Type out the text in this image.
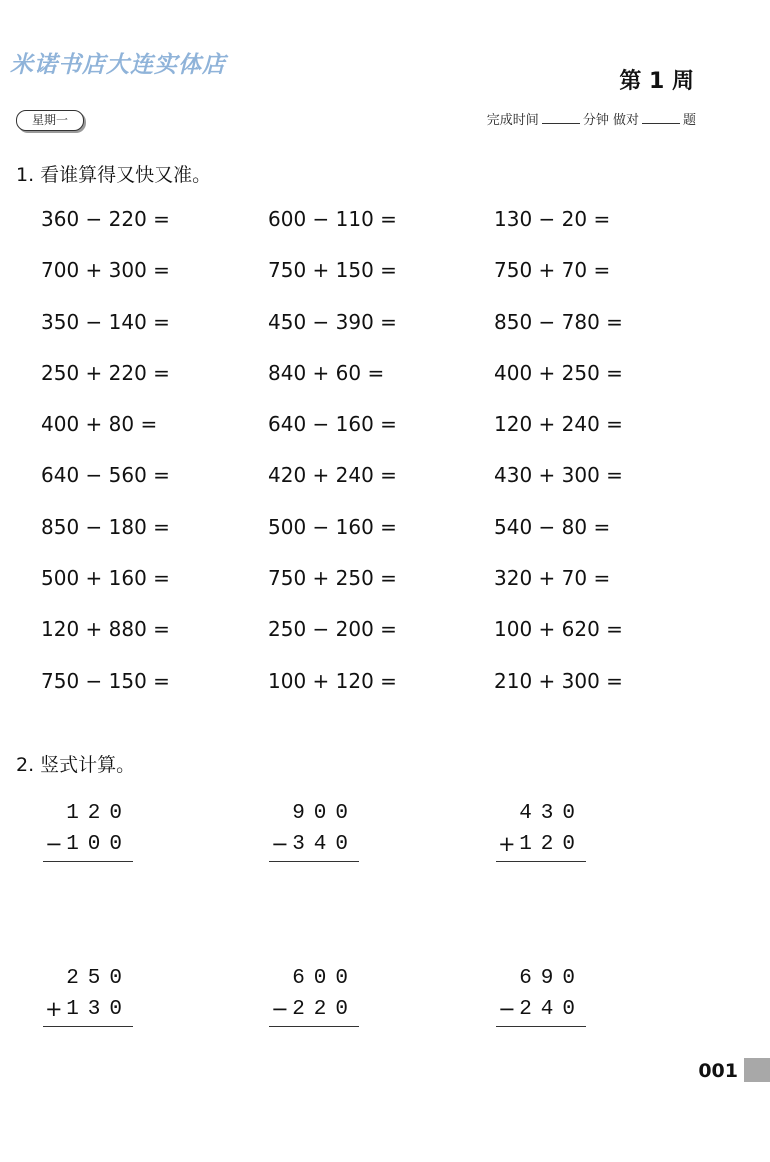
米诺书店大连实体店
第 1 周
星期一	完成时间	分钟 做对	题
1. 看谁算得又快又准。
360 − 220 =	600 − 110 =	130 − 20 =
700 + 300 =	750 + 150 =	750 + 70 =
350 − 140 =	450 − 390 =	850 − 780 =
250 + 220 =	840 + 60 =	400 + 250 =
400 + 80 =	640 − 160 =	120 + 240 =
640 − 560 =	420 + 240 =	430 + 300 =
850 − 180 =	500 − 160 =	540 − 80 =
500 + 160 =	750 + 250 =	320 + 70 =
120 + 880 =	250 − 200 =	100 + 620 =
750 − 150 =	100 + 120 =	210 + 300 =
2. 竖式计算。
120
− 100
900
− 340
430
+ 120
250
+ 130
600
− 220
690
− 240
001
